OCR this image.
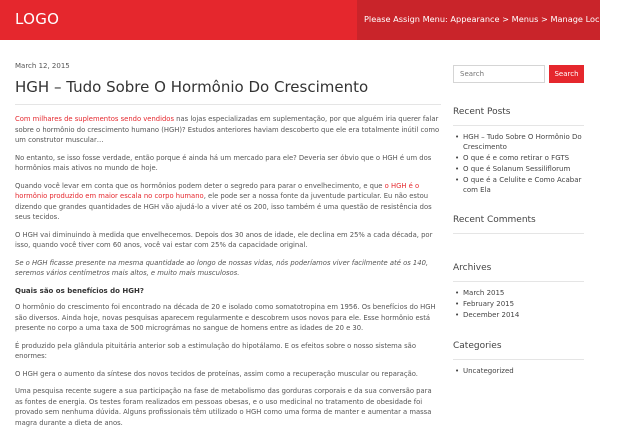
LOGO	Please Assign Menu: Appearance > Menus > Manage Locations
March 12, 2015
HGH – Tudo Sobre O Hormônio Do Crescimento

Com milhares de suplementos sendo vendidos nas lojas especializadas em suplementação, por que alguém iria querer falar sobre o hormônio do crescimento humano (HGH)? Estudos anteriores haviam descoberto que ele era totalmente inútil como um construtor muscular…

No entanto, se isso fosse verdade, então porque é ainda há um mercado para ele? Deveria ser óbvio que o HGH é um dos hormônios mais ativos no mundo de hoje.

Quando você levar em conta que os hormônios podem deter o segredo para parar o envelhecimento, e que o HGH é o hormônio produzido em maior escala no corpo humano, ele pode ser a nossa fonte da juventude particular. Eu não estou dizendo que grandes quantidades de HGH vão ajudá-lo a viver até os 200, isso também é uma questão de resistência dos seus tecidos.

O HGH vai diminuindo à medida que envelhecemos. Depois dos 30 anos de idade, ele declina em 25% a cada década, por isso, quando você tiver com 60 anos, você vai estar com 25% da capacidade original.

Se o HGH ficasse presente na mesma quantidade ao longo de nossas vidas, nós poderíamos viver facilmente até os 140, seremos vários centímetros mais altos, e muito mais musculosos.

Quais são os benefícios do HGH?

O hormônio do crescimento foi encontrado na década de 20 e isolado como somatotropina em 1956. Os benefícios do HGH são diversos. Ainda hoje, novas pesquisas aparecem regularmente e descobrem usos novos para ele. Esse hormônio está presente no corpo a uma taxa de 500 micrográmas no sangue de homens entre as idades de 20 e 30.

É produzido pela glândula pituitária anterior sob a estimulação do hipotálamo. E os efeitos sobre o nosso sistema são enormes:

O HGH gera o aumento da síntese dos novos tecidos de proteínas, assim como a recuperação muscular ou reparação.

Uma pesquisa recente sugere a sua participação na fase de metabolismo das gorduras corporais e da sua conversão para as fontes de energia. Os testes foram realizados em pessoas obesas, e o uso medicinal no tratamento de obesidade foi provado sem nenhuma dúvida. Alguns profissionais têm utilizado o HGH como uma forma de manter e aumentar a massa magra durante a dieta de anos.

Search
Search
Recent Posts
• HGH – Tudo Sobre O Hormônio Do Crescimento
• O que é e como retirar o FGTS
• O que é Solanum Sessiliflorum
• O que é a Celulite e Como Acabar com Ela
Recent Comments
Archives
• March 2015
• February 2015
• December 2014
Categories
• Uncategorized
